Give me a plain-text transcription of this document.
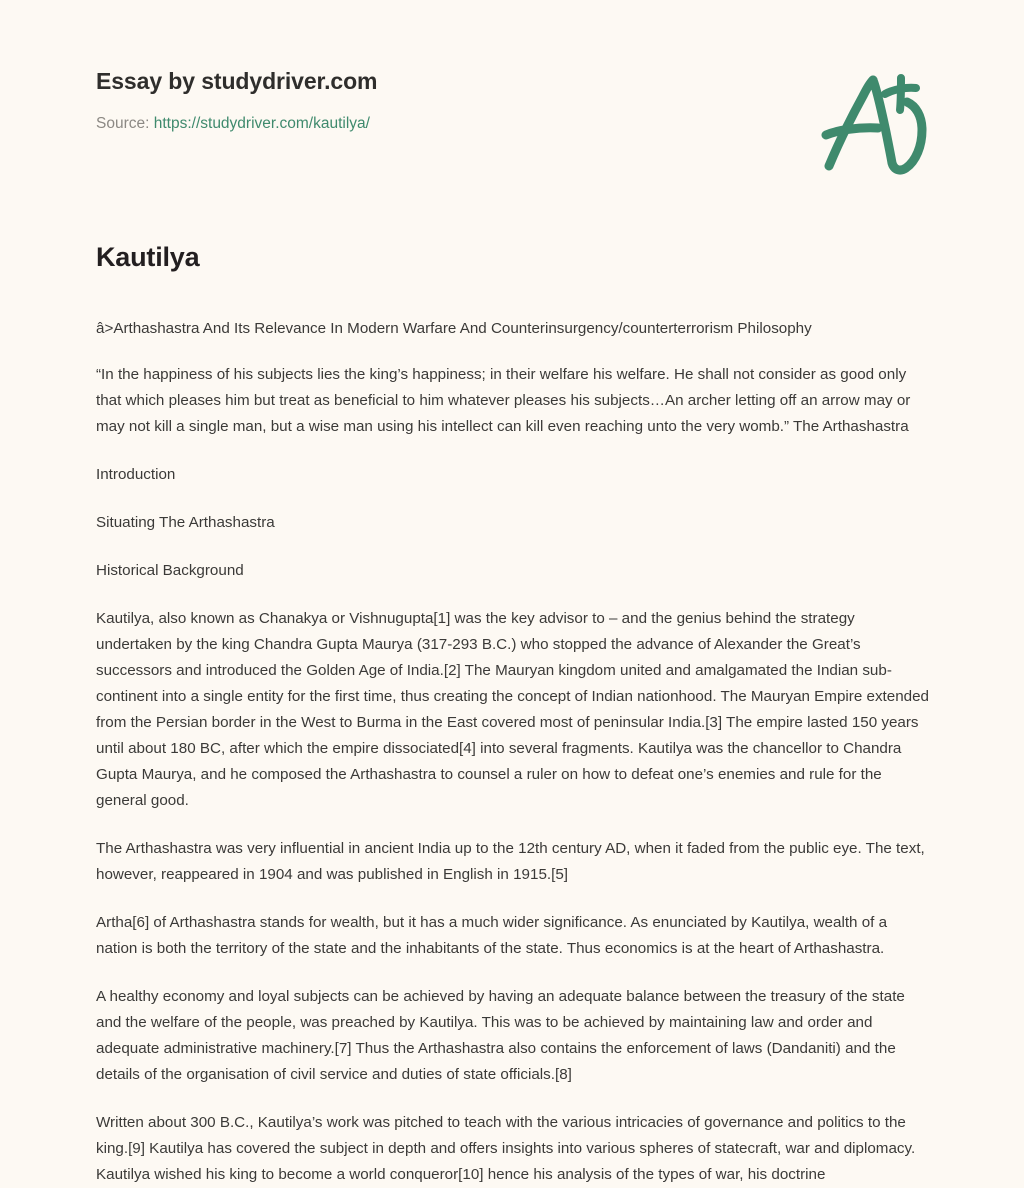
Essay by studydriver.com
Source: https://studydriver.com/kautilya/
Kautilya

â>Arthashastra And Its Relevance In Modern Warfare And Counterinsurgency/counterterrorism Philosophy

“In the happiness of his subjects lies the king’s happiness; in their welfare his welfare. He shall not consider as good only that which pleases him but treat as beneficial to him whatever pleases his subjects…An archer letting off an arrow may or may not kill a single man, but a wise man using his intellect can kill even reaching unto the very womb.” The Arthashastra

Introduction

Situating The Arthashastra

Historical Background

Kautilya, also known as Chanakya or Vishnugupta[1] was the key advisor to – and the genius behind the strategy undertaken by the king Chandra Gupta Maurya (317-293 B.C.) who stopped the advance of Alexander the Great’s successors and introduced the Golden Age of India.[2] The Mauryan kingdom united and amalgamated the Indian sub-continent into a single entity for the first time, thus creating the concept of Indian nationhood. The Mauryan Empire extended from the Persian border in the West to Burma in the East covered most of peninsular India.[3] The empire lasted 150 years until about 180 BC, after which the empire dissociated[4] into several fragments. Kautilya was the chancellor to Chandra Gupta Maurya, and he composed the Arthashastra to counsel a ruler on how to defeat one’s enemies and rule for the general good.

The Arthashastra was very influential in ancient India up to the 12th century AD, when it faded from the public eye. The text, however, reappeared in 1904 and was published in English in 1915.[5]

Artha[6] of Arthashastra stands for wealth, but it has a much wider significance. As enunciated by Kautilya, wealth of a nation is both the territory of the state and the inhabitants of the state. Thus economics is at the heart of Arthashastra.

A healthy economy and loyal subjects can be achieved by having an adequate balance between the treasury of the state and the welfare of the people, was preached by Kautilya. This was to be achieved by maintaining law and order and adequate administrative machinery.[7] Thus the Arthashastra also contains the enforcement of laws (Dandaniti) and the details of the organisation of civil service and duties of state officials.[8]

Written about 300 B.C., Kautilya’s work was pitched to teach with the various intricacies of governance and politics to the king.[9] Kautilya has covered the subject in depth and offers insights into various spheres of statecraft, war and diplomacy. Kautilya wished his king to become a world conqueror[10] hence his analysis of the types of war, his doctrine
